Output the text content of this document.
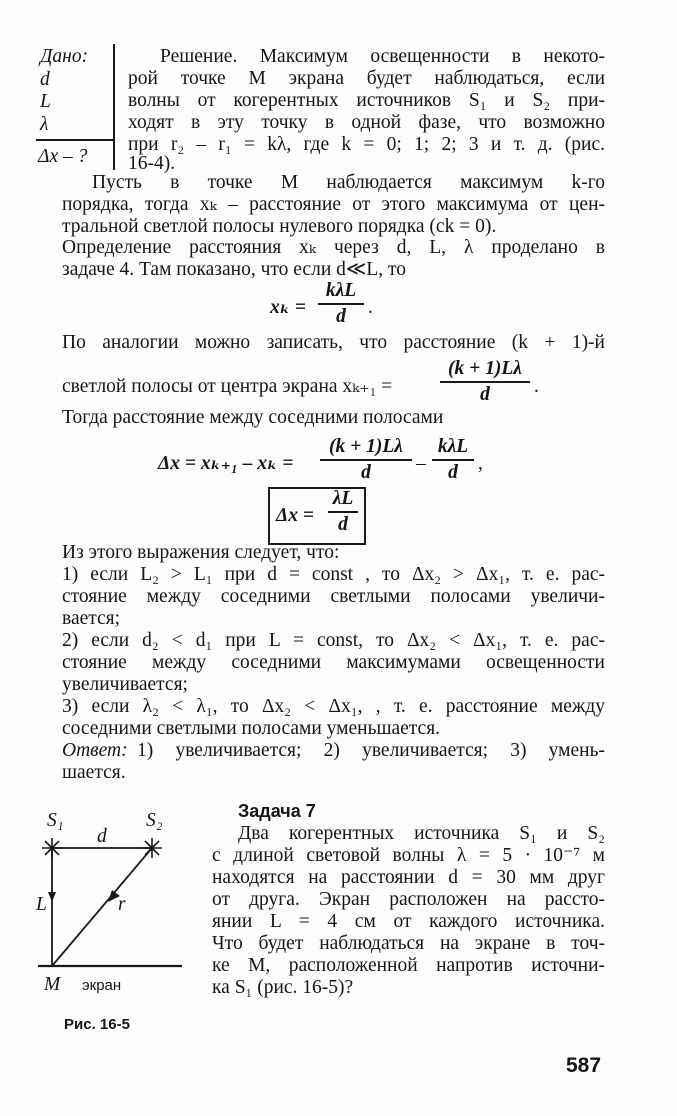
Дано:
d
L
λ
Δx – ?
Решение. Максимум освещенности в некото-
рой точке М экрана будет наблюдаться, если
волны от когерентных источников S₁ и S₂ при-
ходят в эту точку в одной фазе, что возможно
при r₂ – r₁ = kλ, где k = 0; 1; 2; 3 и т. д. (рис.
16-4).
Пусть в точке М наблюдается максимум k-го
порядка, тогда xₖ – расстояние от этого максимума от цен-
тральной светлой полосы нулевого порядка (ck = 0).
Определение расстояния xₖ через d, L, λ проделано в
задаче 4. Там показано, что если d≪L, то
xₖ =
kλL
d	.
По аналогии можно записать, что расстояние (k + 1)-й
светлой полосы от центра экрана xₖ₊₁ =
(k + 1)Lλ
d	.
Тогда расстояние между соседними полосами
Δx = xₖ₊₁ – xₖ =
(k + 1)Lλ
d	–
kλL
d	,
Δx =
λL
d
Из этого выражения следует, что:
1) если L₂ > L₁ при d = const , то Δx₂ > Δx₁, т. е. рас-
стояние между соседними светлыми полосами увеличи-
вается;
2) если d₂ < d₁ при L = const, то Δx₂ < Δx₁, т. е. рас-
стояние между соседними максимумами освещенности
увеличивается;
3) если λ₂ < λ₁, то Δx₂ < Δx₁, , т. е. расстояние между
соседними светлыми полосами уменьшается.
Ответ: 1) увеличивается; 2) увеличивается; 3) умень-
шается.
S₁	S₂
d
L	r
M экран
Рис. 16-5
Задача 7
Два когерентных источника S₁ и S₂
с длиной световой волны λ = 5 · 10⁻⁷ м
находятся на расстоянии d = 30 мм друг
от друга. Экран расположен на рассто-
янии L = 4 см от каждого источника.
Что будет наблюдаться на экране в точ-
ке М, расположенной напротив источни-
ка S₁ (рис. 16-5)?
587
